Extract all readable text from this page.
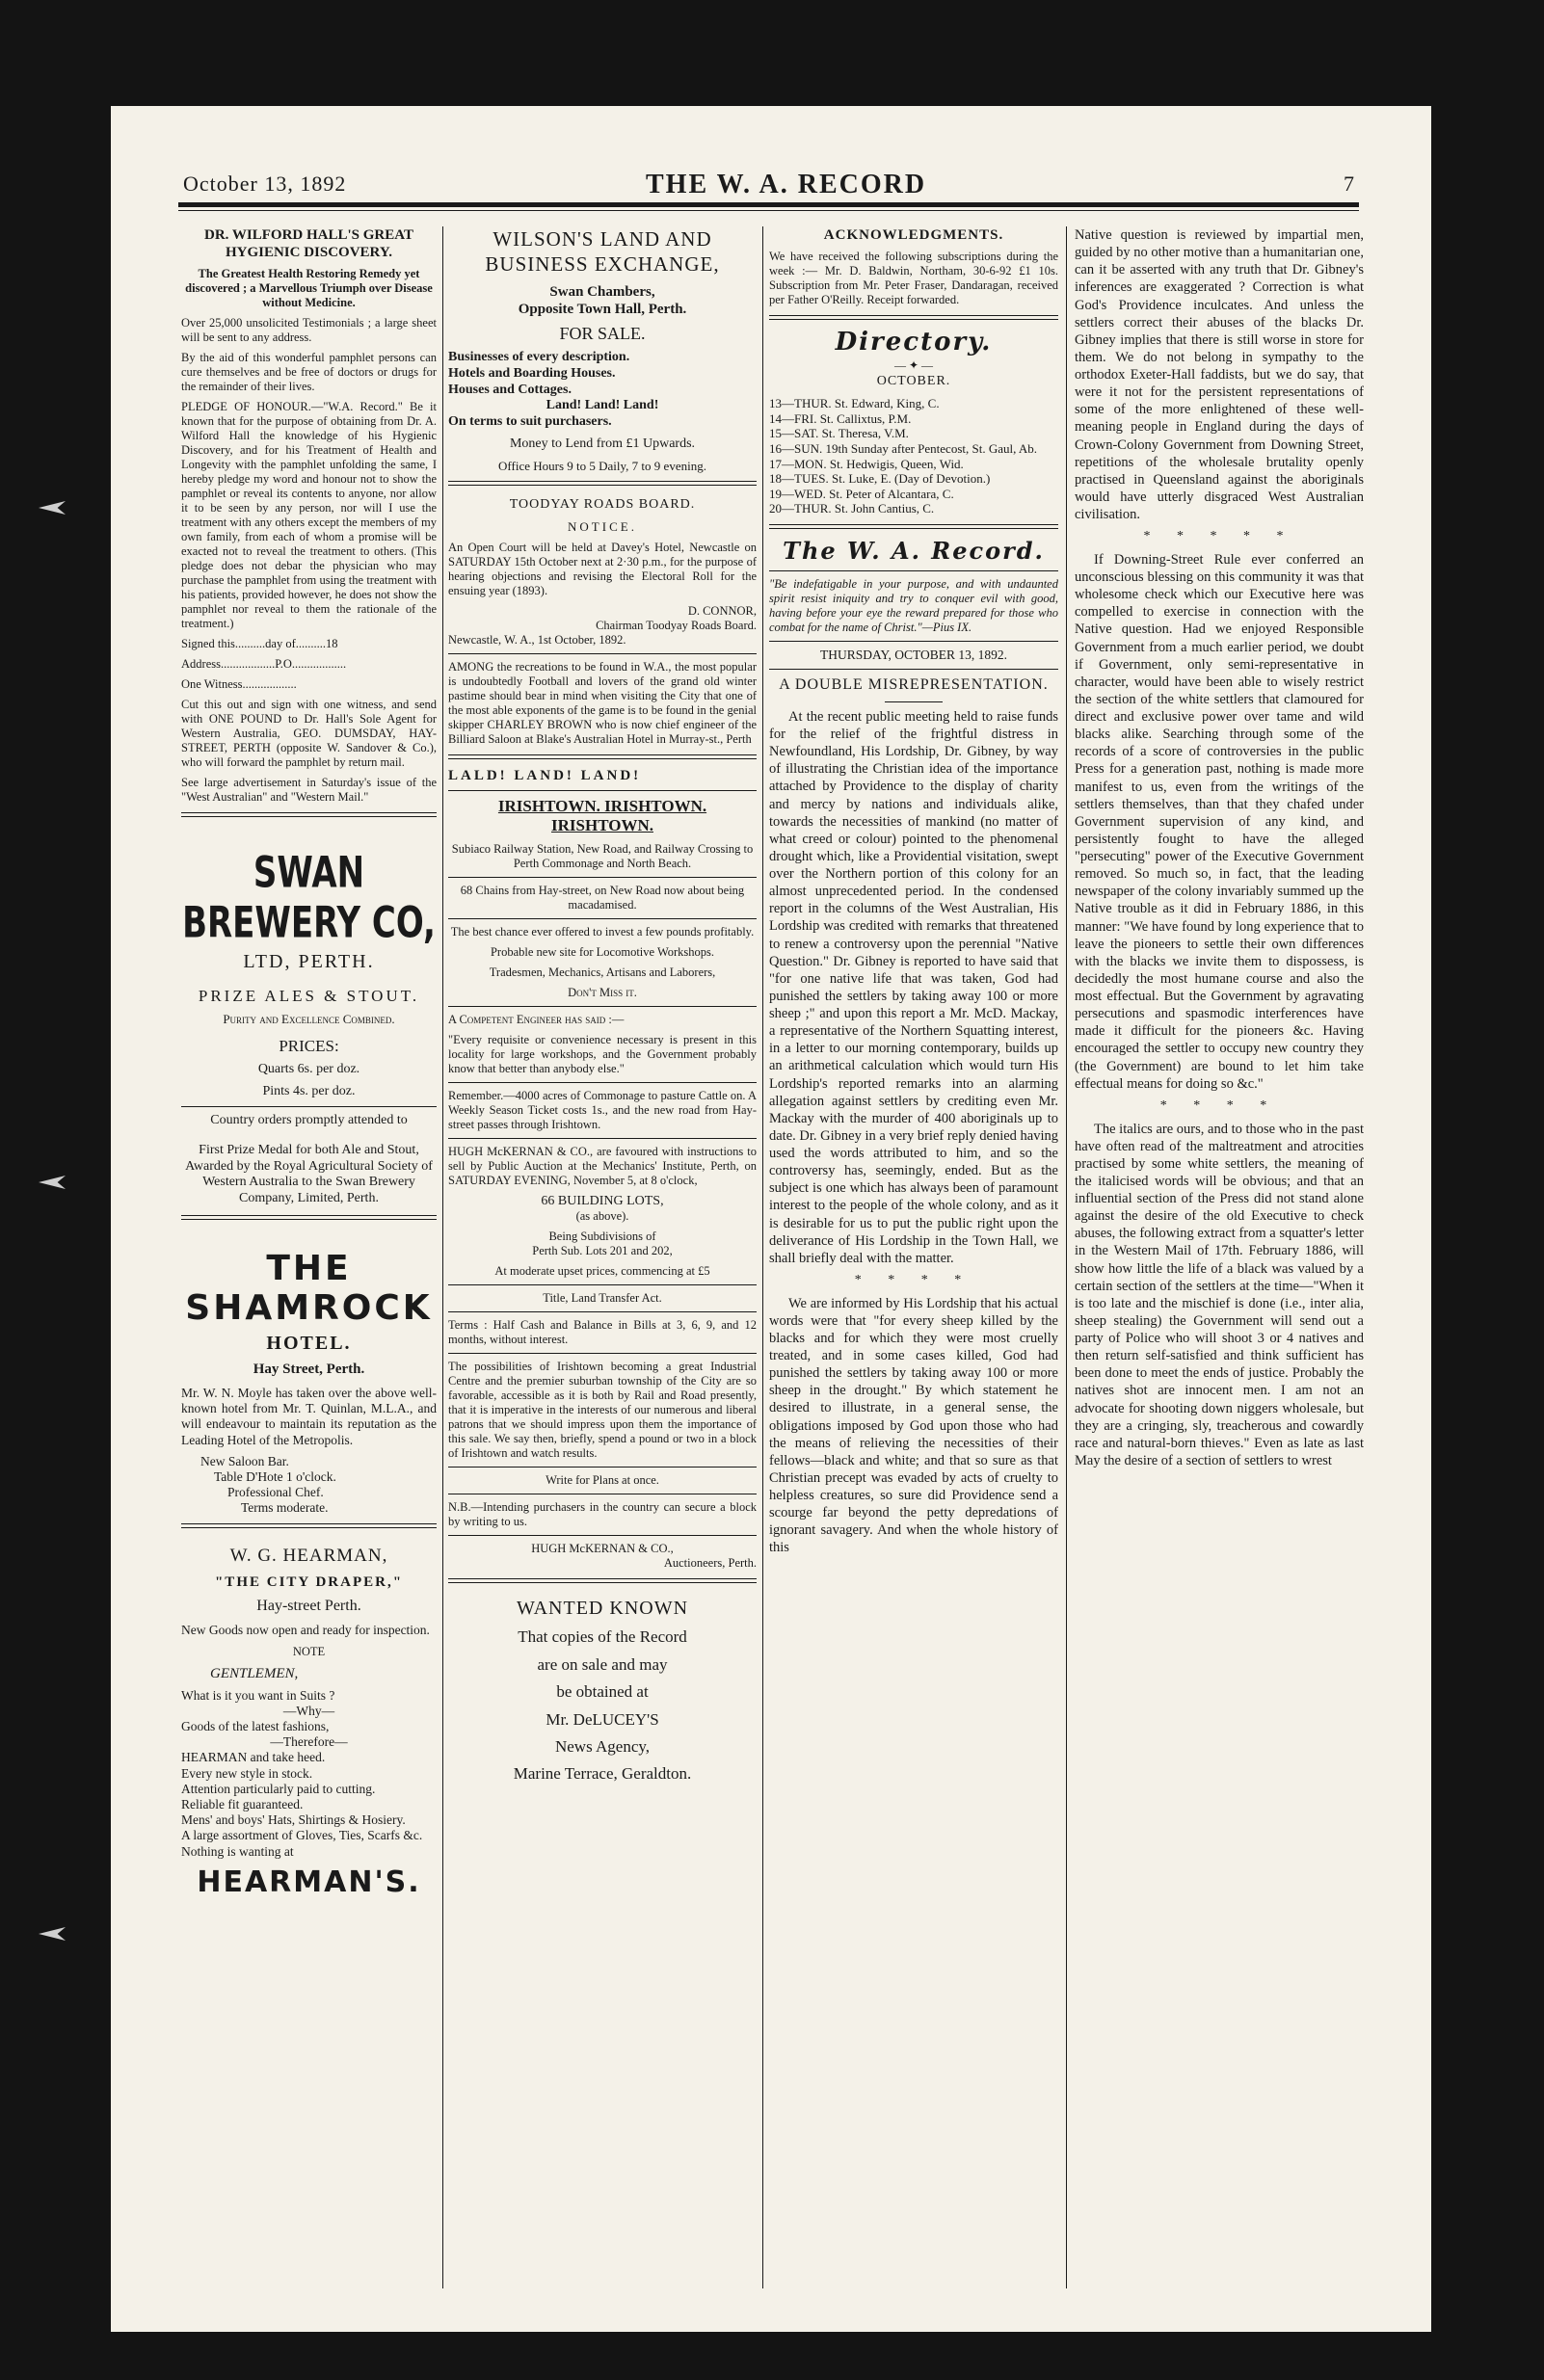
October 13, 1892	THE W. A. RECORD	7

DR. WILFORD HALL'S GREAT HYGIENIC DISCOVERY.

The Greatest Health Restoring Remedy yet discovered ; a Marvellous Triumph over Disease without Medicine.

Over 25,000 unsolicited Testimonials ; a large sheet will be sent to any address.

By the aid of this wonderful pamphlet persons can cure themselves and be free of doctors or drugs for the remainder of their lives.

PLEDGE OF HONOUR.—"W.A. Record." Be it known that for the purpose of obtaining from Dr. A. Wilford Hall the knowledge of his Hygienic Discovery, and for his Treatment of Health and Longevity with the pamphlet unfolding the same, I hereby pledge my word and honour not to show the pamphlet or reveal its contents to anyone, nor allow it to be seen by any person, nor will I use the treatment with any others except the members of my own family, from each of whom a promise will be exacted not to reveal the treatment to others. (This pledge does not debar the physician who may purchase the pamphlet from using the treatment with his patients, provided however, he does not show the pamphlet nor reveal to them the rationale of the treatment.)

Signed this..........day of..........18

Address..................P.O..................

One Witness..................

Cut this out and sign with one witness, and send with ONE POUND to Dr. Hall's Sole Agent for Western Australia, GEO. DUMSDAY, HAY-STREET, PERTH (opposite W. Sandover & Co.), who will forward the pamphlet by return mail.

See large advertisement in Saturday's issue of the "West Australian" and "Western Mail."

SWAN BREWERY CO,

LTD, PERTH.

PRIZE ALES & STOUT.

Purity and Excellence Combined.

PRICES:

Quarts 6s. per doz.

Pints 4s. per doz.

Country orders promptly attended to

First Prize Medal for both Ale and Stout, Awarded by the Royal Agricultural Society of Western Australia to the Swan Brewery Company, Limited, Perth.

THE SHAMROCK

HOTEL.

Hay Street, Perth.

Mr. W. N. Moyle has taken over the above well-known hotel from Mr. T. Quinlan, M.L.A., and will endeavour to maintain its reputation as the Leading Hotel of the Metropolis.

New Saloon Bar.

Table D'Hote 1 o'clock.

Professional Chef.

Terms moderate.

W. G. HEARMAN,

"THE CITY DRAPER,"

Hay-street Perth.

New Goods now open and ready for inspection.

NOTE

GENTLEMEN,

What is it you want in Suits ?

—Why—

Goods of the latest fashions,

—Therefore—

HEARMAN and take heed.

Every new style in stock.

Attention particularly paid to cutting.

Reliable fit guaranteed.

Mens' and boys' Hats, Shirtings & Hosiery.

A large assortment of Gloves, Ties, Scarfs &c.

Nothing is wanting at

HEARMAN'S.

WILSON'S LAND AND BUSINESS EXCHANGE,

Swan Chambers,

Opposite Town Hall, Perth.

FOR SALE.

Businesses of every description.

Hotels and Boarding Houses.

Houses and Cottages.

Land! Land! Land!

On terms to suit purchasers.

Money to Lend from £1 Upwards.

Office Hours 9 to 5 Daily, 7 to 9 evening.

TOODYAY ROADS BOARD.

NOTICE.

An Open Court will be held at Davey's Hotel, Newcastle on SATURDAY 15th October next at 2·30 p.m., for the purpose of hearing objections and revising the Electoral Roll for the ensuing year (1893).

D. CONNOR,

Chairman Toodyay Roads Board.

Newcastle, W. A., 1st October, 1892.

AMONG the recreations to be found in W.A., the most popular is undoubtedly Football and lovers of the grand old winter pastime should bear in mind when visiting the City that one of the most able exponents of the game is to be found in the genial skipper CHARLEY BROWN who is now chief engineer of the Billiard Saloon at Blake's Australian Hotel in Murray-st., Perth

LALD! LAND! LAND!

IRISHTOWN. IRISHTOWN.

IRISHTOWN.

Subiaco Railway Station, New Road, and Railway Crossing to Perth Commonage and North Beach.

68 Chains from Hay-street, on New Road now about being macadamised.

The best chance ever offered to invest a few pounds profitably.

Probable new site for Locomotive Workshops.

Tradesmen, Mechanics, Artisans and Laborers,

Don't Miss it.

A Competent Engineer has said :—

"Every requisite or convenience necessary is present in this locality for large workshops, and the Government probably know that better than anybody else."

Remember.—4000 acres of Commonage to pasture Cattle on. A Weekly Season Ticket costs 1s., and the new road from Hay-street passes through Irishtown.

HUGH McKERNAN & CO., are favoured with instructions to sell by Public Auction at the Mechanics' Institute, Perth, on SATURDAY EVENING, November 5, at 8 o'clock,

66 BUILDING LOTS,

(as above).

Being Subdivisions of

Perth Sub. Lots 201 and 202,

At moderate upset prices, commencing at £5

Title, Land Transfer Act.

Terms : Half Cash and Balance in Bills at 3, 6, 9, and 12 months, without interest.

The possibilities of Irishtown becoming a great Industrial Centre and the premier suburban township of the City are so favorable, accessible as it is both by Rail and Road presently, that it is imperative in the interests of our numerous and liberal patrons that we should impress upon them the importance of this sale. We say then, briefly, spend a pound or two in a block of Irishtown and watch results.

Write for Plans at once.

N.B.—Intending purchasers in the country can secure a block by writing to us.

HUGH McKERNAN & CO.,

Auctioneers, Perth.

WANTED KNOWN

That copies of the Record

are on sale and may

be obtained at

Mr. DeLUCEY'S

News Agency,

Marine Terrace, Geraldton.

ACKNOWLEDGMENTS.

We have received the following subscriptions during the week :— Mr. D. Baldwin, Northam, 30-6-92 £1 10s. Subscription from Mr. Peter Fraser, Dandaragan, received per Father O'Reilly. Receipt forwarded.

Directory.

— ✦ —

OCTOBER.

13—THUR. St. Edward, King, C.

14—FRI. St. Callixtus, P.M.

15—SAT. St. Theresa, V.M.

16—SUN. 19th Sunday after Pentecost, St. Gaul, Ab.

17—MON. St. Hedwigis, Queen, Wid.

18—TUES. St. Luke, E. (Day of Devotion.)

19—WED. St. Peter of Alcantara, C.

20—THUR. St. John Cantius, C.

The W. A. Record.

"Be indefatigable in your purpose, and with undaunted spirit resist iniquity and try to conquer evil with good, having before your eye the reward prepared for those who combat for the name of Christ."—Pius IX.

THURSDAY, OCTOBER 13, 1892.

A DOUBLE MISREPRESENTATION.

At the recent public meeting held to raise funds for the relief of the frightful distress in Newfoundland, His Lordship, Dr. Gibney, by way of illustrating the Christian idea of the importance attached by Providence to the display of charity and mercy by nations and individuals alike, towards the necessities of mankind (no matter of what creed or colour) pointed to the phenomenal drought which, like a Providential visitation, swept over the Northern portion of this colony for an almost unprecedented period. In the condensed report in the columns of the West Australian, His Lordship was credited with remarks that threatened to renew a controversy upon the perennial "Native Question." Dr. Gibney is reported to have said that "for one native life that was taken, God had punished the settlers by taking away 100 or more sheep ;" and upon this report a Mr. McD. Mackay, a representative of the Northern Squatting interest, in a letter to our morning contemporary, builds up an arithmetical calculation which would turn His Lordship's reported remarks into an alarming allegation against settlers by crediting even Mr. Mackay with the murder of 400 aboriginals up to date. Dr. Gibney in a very brief reply denied having used the words attributed to him, and so the controversy has, seemingly, ended. But as the subject is one which has always been of paramount interest to the people of the whole colony, and as it is desirable for us to put the public right upon the deliverance of His Lordship in the Town Hall, we shall briefly deal with the matter.

* * * *

We are informed by His Lordship that his actual words were that "for every sheep killed by the blacks and for which they were most cruelly treated, and in some cases killed, God had punished the settlers by taking away 100 or more sheep in the drought." By which statement he desired to illustrate, in a general sense, the obligations imposed by God upon those who had the means of relieving the necessities of their fellows—black and white; and that so sure as that Christian precept was evaded by acts of cruelty to helpless creatures, so sure did Providence send a scourge far beyond the petty depredations of ignorant savagery. And when the whole history of this

Native question is reviewed by impartial men, guided by no other motive than a humanitarian one, can it be asserted with any truth that Dr. Gibney's inferences are exaggerated ? Correction is what God's Providence inculcates. And unless the settlers correct their abuses of the blacks Dr. Gibney implies that there is still worse in store for them. We do not belong in sympathy to the orthodox Exeter-Hall faddists, but we do say, that were it not for the persistent representations of some of the more enlightened of these well-meaning people in England during the days of Crown-Colony Government from Downing Street, repetitions of the wholesale brutality openly practised in Queensland against the aboriginals would have utterly disgraced West Australian civilisation.

* * * * *

If Downing-Street Rule ever conferred an unconscious blessing on this community it was that wholesome check which our Executive here was compelled to exercise in connection with the Native question. Had we enjoyed Responsible Government from a much earlier period, we doubt if Government, only semi-representative in character, would have been able to wisely restrict the section of the white settlers that clamoured for direct and exclusive power over tame and wild blacks alike. Searching through some of the records of a score of controversies in the public Press for a generation past, nothing is made more manifest to us, even from the writings of the settlers themselves, than that they chafed under Government supervision of any kind, and persistently fought to have the alleged "persecuting" power of the Executive Government removed. So much so, in fact, that the leading newspaper of the colony invariably summed up the Native trouble as it did in February 1886, in this manner: "We have found by long experience that to leave the pioneers to settle their own differences with the blacks we invite them to dispossess, is decidedly the most humane course and also the most effectual. But the Government by agravating persecutions and spasmodic interferences have made it difficult for the pioneers &c. Having encouraged the settler to occupy new country they (the Government) are bound to let him take effectual means for doing so &c."

* * * *

The italics are ours, and to those who in the past have often read of the maltreatment and atrocities practised by some white settlers, the meaning of the italicised words will be obvious; and that an influential section of the Press did not stand alone against the desire of the old Executive to check abuses, the following extract from a squatter's letter in the Western Mail of 17th. February 1886, will show how little the life of a black was valued by a certain section of the settlers at the time—"When it is too late and the mischief is done (i.e., inter alia, sheep stealing) the Government will send out a party of Police who will shoot 3 or 4 natives and then return self-satisfied and think sufficient has been done to meet the ends of justice. Probably the natives shot are innocent men. I am not an advocate for shooting down niggers wholesale, but they are a cringing, sly, treacherous and cowardly race and natural-born thieves." Even as late as last May the desire of a section of settlers to wrest
